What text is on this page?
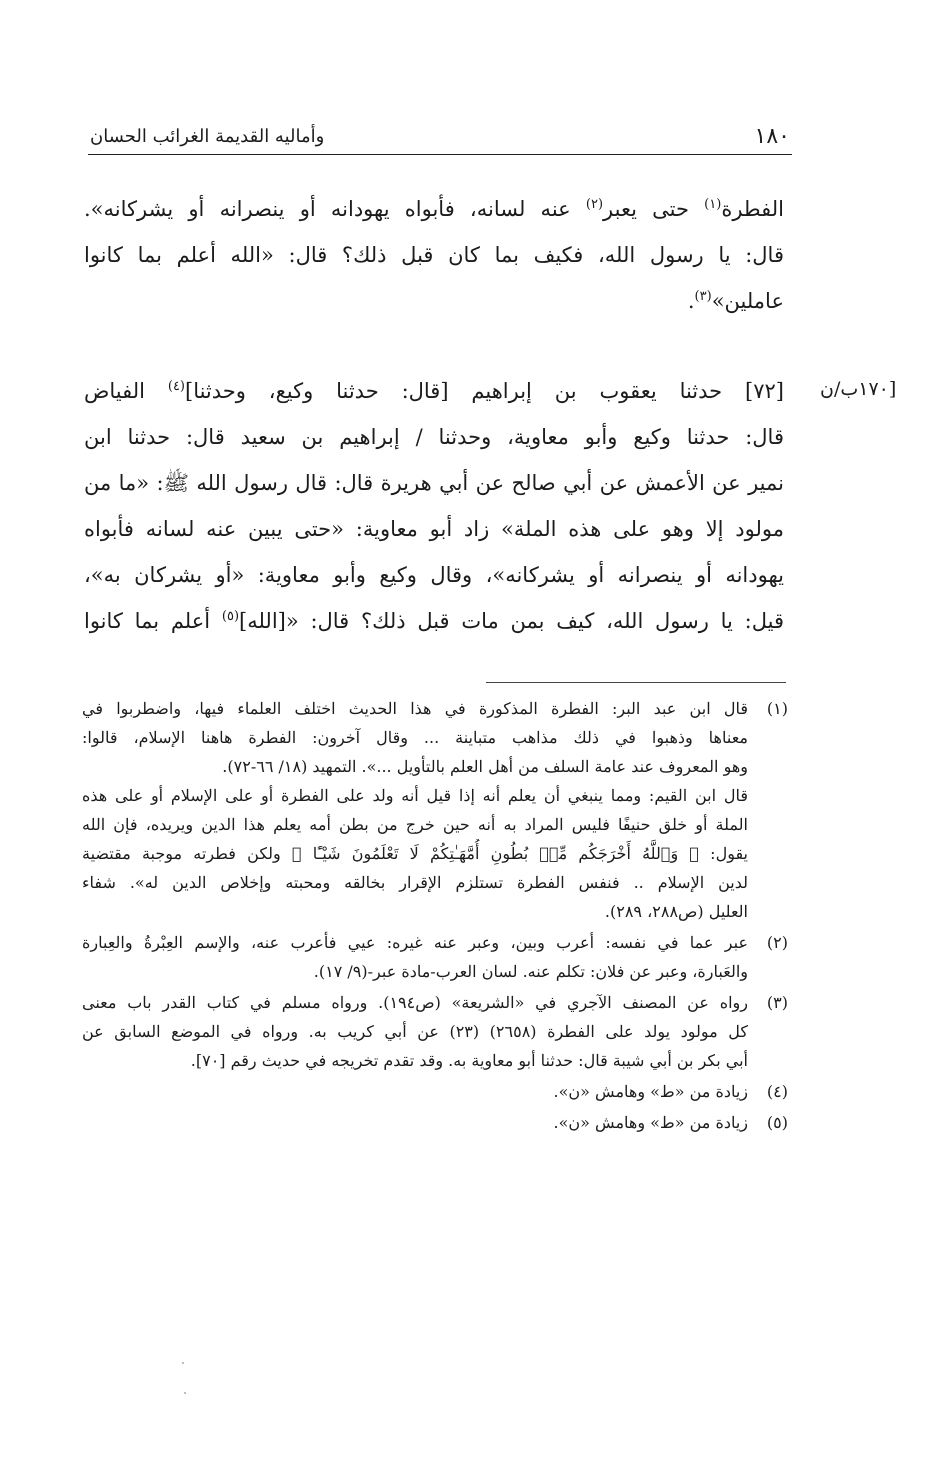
١٨٠
وأماليه القديمة الغرائب الحسان
الفطرة$^{(١)}$ حتى يعبر$^{(٢)}$ عنه لسانه، فأبواه يهودانه أو ينصرانه أو يشركانه».
قال: يا رسول الله، فكيف بما كان قبل ذلك؟ قال: «الله أعلم بما كانوا
عاملين»$^{(٣)}$.
[١٧٠ب/ن
[٧٢] حدثنا يعقوب بن إبراهيم [قال: حدثنا وكيع، وحدثنا]$^{(٤)}$ الفياض
قال: حدثنا وكيع وأبو معاوية، وحدثنا / إبراهيم بن سعيد قال: حدثنا ابن
نمير عن الأعمش عن أبي صالح عن أبي هريرة قال: قال رسول الله ﷺ: «ما من
مولود إلا وهو على هذه الملة» زاد أبو معاوية: «حتى يبين عنه لسانه فأبواه
يهودانه أو ينصرانه أو يشركانه»، وقال وكيع وأبو معاوية: «أو يشركان به»،
قيل: يا رسول الله، كيف بمن مات قبل ذلك؟ قال: «[الله]$^{(٥)}$ أعلم بما كانوا
(١)
قال ابن عبد البر: الفطرة المذكورة في هذا الحديث اختلف العلماء فيها، واضطربوا في
معناها وذهبوا في ذلك مذاهب متباينة ... وقال آخرون: الفطرة هاهنا الإسلام، قالوا:
وهو المعروف عند عامة السلف من أهل العلم بالتأويل ...». التمهيد (١٨/ ٦٦-٧٢).
قال ابن القيم: ومما ينبغي أن يعلم أنه إذا قيل أنه ولد على الفطرة أو على الإسلام أو على هذه
الملة أو خلق حنيفًا فليس المراد به أنه حين خرج من بطن أمه يعلم هذا الدين ويريده، فإن الله
يقول: ﴿ وَٱللَّهُ أَخْرَجَكُم مِّنۢ بُطُونِ أُمَّهَـٰتِكُمْ لَا تَعْلَمُونَ شَيْـًٔا ﴾ ولكن فطرته موجبة مقتضية
لدين الإسلام .. فنفس الفطرة تستلزم الإقرار بخالقه ومحبته وإخلاص الدين له». شفاء
العليل (ص٢٨٨، ٢٨٩).
(٢)
عبر عما في نفسه: أعرب وبين، وعبر عنه غيره: عيي فأعرب عنه، والإسم العِبْرةُ والعِبارة
والعَبارة، وعبر عن فلان: تكلم عنه. لسان العرب-مادة عبر-(٩/ ١٧).
(٣)
رواه عن المصنف الآجري في «الشريعة» (ص١٩٤). ورواه مسلم في كتاب القدر باب معنى
كل مولود يولد على الفطرة (٢٦٥٨) (٢٣) عن أبي كريب به. ورواه في الموضع السابق عن
أبي بكر بن أبي شيبة قال: حدثنا أبو معاوية به. وقد تقدم تخريجه في حديث رقم [٧٠].
(٤)
زيادة من «ط» وهامش «ن».
(٥)
زيادة من «ط» وهامش «ن».
